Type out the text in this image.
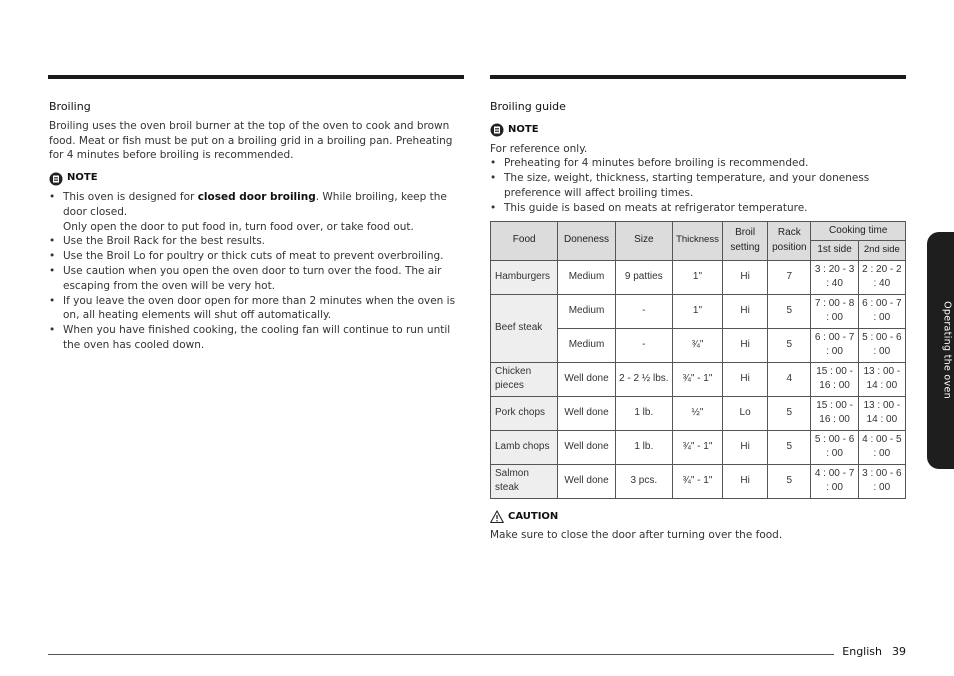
Broiling

Broiling uses the oven broil burner at the top of the oven to cook and brown food. Meat or fish must be put on a broiling grid in a broiling pan. Preheating for 4 minutes before broiling is recommended.

NOTE
• This oven is designed for closed door broiling. While broiling, keep the door closed.
Only open the door to put food in, turn food over, or take food out.
• Use the Broil Rack for the best results.
• Use the Broil Lo for poultry or thick cuts of meat to prevent overbroiling.
• Use caution when you open the oven door to turn over the food. The air escaping from the oven will be very hot.
• If you leave the oven door open for more than 2 minutes when the oven is on, all heating elements will shut off automatically.
• When you have finished cooking, the cooling fan will continue to run until the oven has cooled down.
Broiling guide
NOTE

For reference only.

• Preheating for 4 minutes before broiling is recommended.
• The size, weight, thickness, starting temperature, and your doneness preference will affect broiling times.
• This guide is based on meats at refrigerator temperature.
Food	Doneness	Size	Thickness	Broil setting	Rack position	Cooking time	
						1st side	2nd side
Hamburgers	Medium	9 patties	1"	Hi	7	3 : 20 - 3 : 40	2 : 20 - 2 : 40
Beef steak	Medium	-	1"	Hi	5	7 : 00 - 8 : 00	6 : 00 - 7 : 00
	Medium	-	¾"	Hi	5	6 : 00 - 7 : 00	5 : 00 - 6 : 00
Chicken pieces	Well done	2 - 2 ½ lbs.	¾" - 1"	Hi	4	15 : 00 - 16 : 00	13 : 00 - 14 : 00
Pork chops	Well done	1 lb.	½"	Lo	5	15 : 00 - 16 : 00	13 : 00 - 14 : 00
Lamb chops	Well done	1 lb.	¾" - 1"	Hi	5	5 : 00 - 6 : 00	4 : 00 - 5 : 00
Salmon steak	Well done	3 pcs.	¾" - 1"	Hi	5	4 : 00 - 7 : 00	3 : 00 - 6 : 00
CAUTION

Make sure to close the door after turning over the food.

Operating the oven
English 39
